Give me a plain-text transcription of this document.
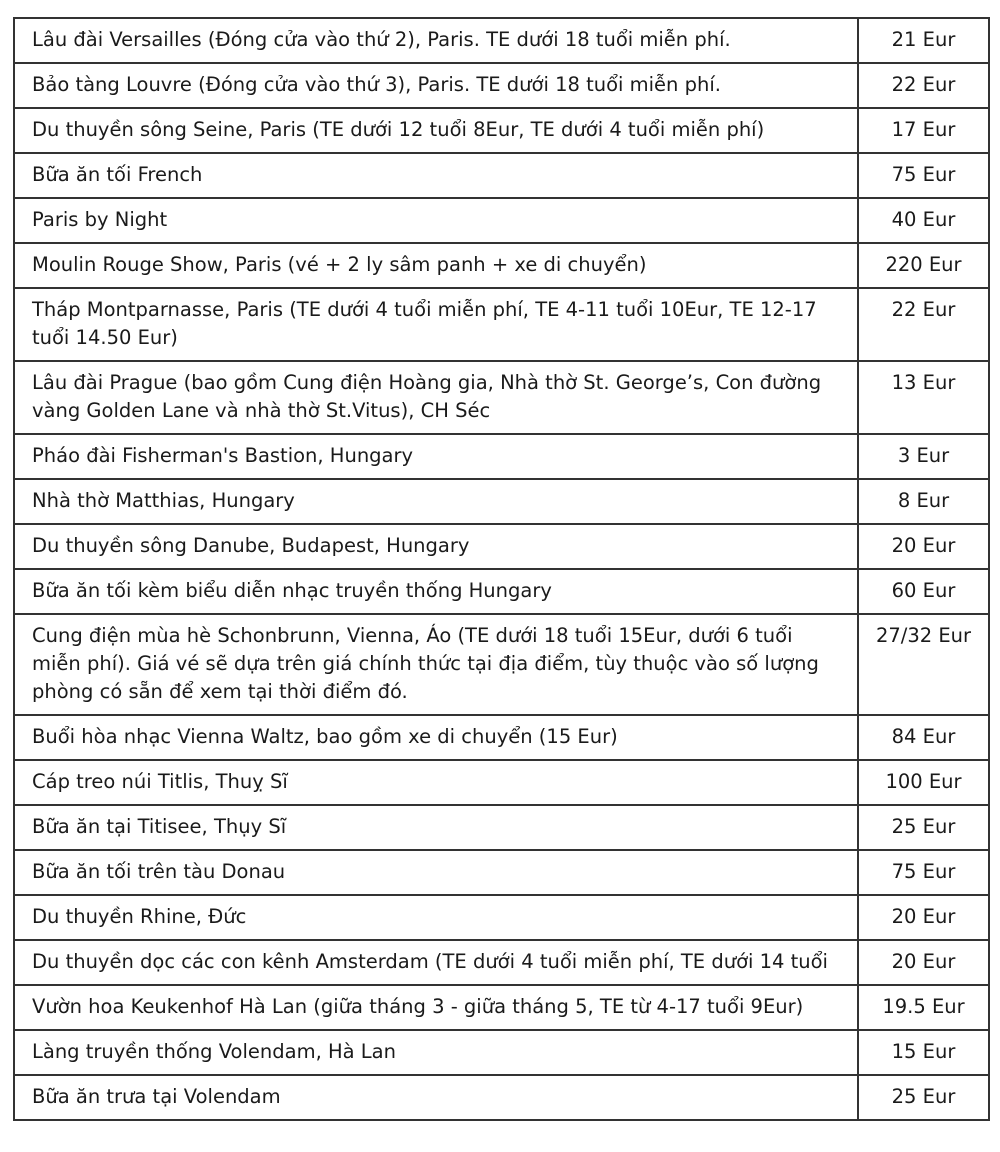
Lâu đài Versailles (Đóng cửa vào thứ 2), Paris. TE dưới 18 tuổi miễn phí.	21 Eur
Bảo tàng Louvre (Đóng cửa vào thứ 3), Paris. TE dưới 18 tuổi miễn phí.	22 Eur
Du thuyền sông Seine, Paris (TE dưới 12 tuổi 8Eur, TE dưới 4 tuổi miễn phí)	17 Eur
Bữa ăn tối French	75 Eur
Paris by Night	40 Eur
Moulin Rouge Show, Paris (vé + 2 ly sâm panh + xe di chuyển)	220 Eur
Tháp Montparnasse, Paris (TE dưới 4 tuổi miễn phí, TE 4-11 tuổi 10Eur, TE 12-17 tuổi 14.50 Eur)	22 Eur
Lâu đài Prague (bao gồm Cung điện Hoàng gia, Nhà thờ St. George’s, Con đường vàng Golden Lane và nhà thờ St.Vitus), CH Séc	13 Eur
Pháo đài Fisherman's Bastion, Hungary	3 Eur
Nhà thờ Matthias, Hungary	8 Eur
Du thuyền sông Danube, Budapest, Hungary	20 Eur
Bữa ăn tối kèm biểu diễn nhạc truyền thống Hungary	60 Eur
Cung điện mùa hè Schonbrunn, Vienna, Áo (TE dưới 18 tuổi 15Eur, dưới 6 tuổi miễn phí). Giá vé sẽ dựa trên giá chính thức tại địa điểm, tùy thuộc vào số lượng phòng có sẵn để xem tại thời điểm đó.	27/32 Eur
Buổi hòa nhạc Vienna Waltz, bao gồm xe di chuyển (15 Eur)	84 Eur
Cáp treo núi Titlis, Thuỵ Sĩ	100 Eur
Bữa ăn tại Titisee, Thụy Sĩ	25 Eur
Bữa ăn tối trên tàu Donau	75 Eur
Du thuyền Rhine, Đức	20 Eur
Du thuyền dọc các con kênh Amsterdam (TE dưới 4 tuổi miễn phí, TE dưới 14 tuổi	20 Eur
Vườn hoa Keukenhof Hà Lan (giữa tháng 3 - giữa tháng 5, TE từ 4-17 tuổi 9Eur)	19.5 Eur
Làng truyền thống Volendam, Hà Lan	15 Eur
Bữa ăn trưa tại Volendam	25 Eur
